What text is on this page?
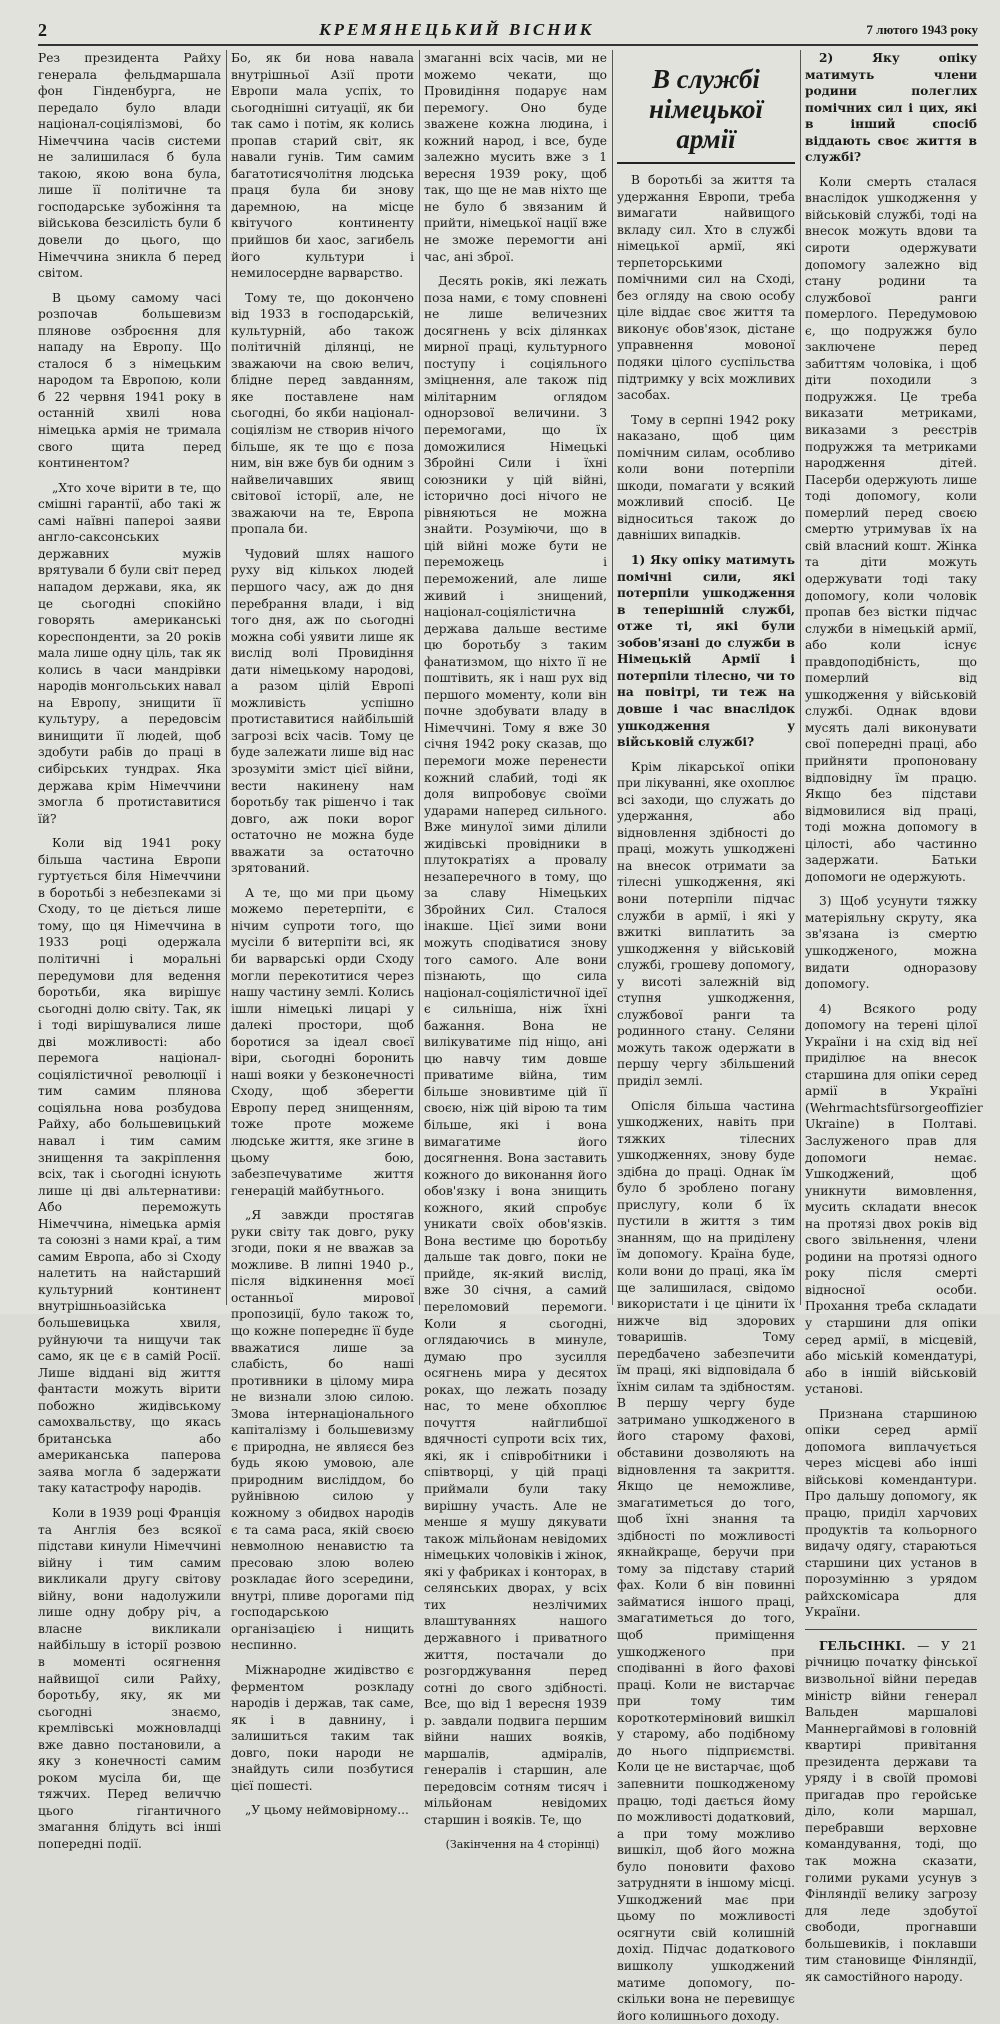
2	КРЕМЯНЕЦЬКИЙ ВІСНИК	7 лютого 1943 року

Рез президента Райху генерала фельдмаршала фон Гінденбурга, не передало було влади націонал-соціялізмові, бо Німеччина часів системи не залишилася б була такою, якою вона була, лише її політичне та господарське зубожіння та військова безсилість були б довели до цього, що Німеччина зникла б перед світом.

В цьому самому часі розпочав большевизм плянове озброєння для нападу на Европу. Що сталося б з німецьким народом та Европою, коли б 22 червня 1941 року в останній хвилі нова німецька армія не тримала свого щита перед континентом?

„Хто хоче вірити в те, що смішні гарантії, або такі ж самі наївні папероі заяви англо-саксонських державних мужів врятували б були світ перед нападом держави, яка, як це сьогодні спокійно говорять американські кореспонденти, за 20 років мала лише одну ціль, так як колись в часи мандрівки народів монгольських навал на Европу, знищити її культуру, а передовсім винищити її людей, щоб здобути рабів до праці в сибірських тундрах. Яка держава крім Німеччини змогла б протиставитися їй?

Коли від 1941 року більша частина Европи гуртується біля Німеччини в боротьбі з небезпеками зі Сходу, то це діється лише тому, що ця Німеччина в 1933 році одержала політичні і моральні передумови для ведення боротьби, яка вирішує сьогодні долю світу. Так, як і тоді вирішувалися лише дві можливості: або перемога націонал-соціялістичної революції і тим самим плянова соціяльна нова розбудова Райху, або большевицький навал і тим самим знищення та закріплення всіх, так і сьогодні існують лише ці дві альтернативи: Або переможуть Німеччина, німецька армія та союзні з нами краї, а тим самим Европа, або зі Сходу налетить на найстарший культурний континент внутрішньоазійська большевицька хвиля, руйнуючи та нищучи так само, як це є в самій Росії. Лише віддані від життя фантасти можуть вірити побожно жидівському самохвальству, що якась британська або американська паперова заява могла б задержати таку катастрофу народів.

Коли в 1939 році Франція та Англія без всякої підстави кинули Німеччині війну і тим самим викликали другу світову війну, вони надолужили лише одну добру річ, а власне викликали найбільшу в історії розвою в моменті осягнення найвищої сили Райху, боротьбу, яку, як ми сьогодні знаємо, кремлівські можновладці вже давно постановили, а яку з конечності самим роком мусіла би, ще тяжчих. Перед величчю цього гігантичного змагання блідуть всі інші попередні події.

Бо, як би нова навала внутрішньої Азії проти Европи мала успіх, то сьогоднішні ситуації, як би так само і потім, як колись пропав старий світ, як навали гунів. Тим самим багатотисячолітня людська праця була би знову даремною, на місце квітучого континенту прийшов би хаос, загибель його культури і немилосердне варварство.

Тому те, що докончено від 1933 в господарській, культурній, або також політичній ділянці, не зважаючи на свою велич, блідне перед завданням, яке поставлене нам сьогодні, бо якби націонал-соціялізм не створив нічого більше, як те що є поза ним, він вже був би одним з найвеличавших явищ світової історії, але, не зважаючи на те, Европа пропала би.

Чудовий шлях нашого руху від кількох людей першого часу, аж до дня перебрання влади, і від того дня, аж по сьогодні можна собі уявити лише як вислід волі Провидіння дати німецькому народові, а разом цілій Европі можливість успішно протиставитися найбільшій загрозі всіх часів. Тому це буде залежати лише від нас зрозуміти зміст цієї війни, вести накинену нам боротьбу так рішенчо і так довго, аж поки ворог остаточно не можна буде вважати за остаточно зрятований.

А те, що ми при цьому можемо перетерпіти, є нічим супроти того, що мусіли б витерпіти всі, як би варварські орди Сходу могли перекотитися через нашу частину землі. Колись ішли німецькі лицарі у далекі простори, щоб боротися за ідеал своєї віри, сьогодні боронить наші вояки у безконечності Сходу, щоб зберегти Европу перед знищенням, тоже проте можеме людське життя, яке згине в цьому бою, забезпечуватиме життя генерацій майбутнього.

„Я завжди простягав руки світу так довго, руку згоди, поки я не вважав за можливе. В липні 1940 р., після відкинення моєї останньої мирової пропозиції, було також то, що кожне попереднє її буде вважатися лише за слабість, бо наші противники в цілому мира не визнали злою силою. Змова інтернаціонального капіталізму і большевизму є природна, не являєся без будь якою умовою, але природним висліддом, бо руйнівною силою у кожному з обидвох народів є та сама раса, якій своєю невмолною ненавистю та пресоваю злою волею розкладає його зсередини, внутрі, пливе дорогами під господарською організацією і нищить неспинно.

Міжнародне жидівство є ферментом розкладу народів і держав, так саме, як і в давнину, і залишиться таким так довго, поки народи не знайдуть сили позбутися цієї пошесті.

„У цьому неймовірному...

змаганні всіх часів, ми не можемо чекати, що Провидіння подарує нам перемогу. Оно буде зважене кожна людина, і кожний народ, і все, буде залежно мусить вже з 1 вересня 1939 року, щоб так, що ще не мав ніхто ще не було б звязаним й прийти, німецької нації вже не зможе перемогти ані час, ані зброї.

Десять років, які лежать поза нами, є тому сповнені не лише величезних досягнень у всіх ділянках мирної праці, культурного поступу і соціяльного зміцнення, але також під мілітарним оглядом однорзової величини. З перемогами, що їх доможилися Німецькі Збройні Сили і їхні союзники у цій війні, історично досі нічого не рівняються не можна знайти. Розуміючи, що в цій війні може бути не переможець і переможений, але лише живий і знищений, націонал-соціялістична держава дальше вестиме цю боротьбу з таким фанатизмом, що ніхто її не поштівить, як і наш рух від першого моменту, коли він почне здобувати владу в Німеччині. Тому я вже 30 січня 1942 року сказав, що перемоги може перенести кожний слабий, тоді як доля випробовує своїми ударами наперед сильного. Вже минулої зими ділили жидівські провідники в плутократіях а провалу незаперечного в тому, що за славу Німецьких Збройних Сил. Сталося інакше. Цієї зими вони можуть сподіватися знову того самого. Але вони пізнають, що сила націонал-соціялістичної ідеї є сильніша, ніж їхні бажання. Вона не вилікуватиме під ніщо, ані цю навчу тим довше приватиме війна, тим більше зновивтиме цій її своєю, ніж цій вірою та тим більше, які і вона вимагатиме його досягнення. Вона заставить кожного до виконання його обов'язку і вона знищить кожного, який спробує уникати своїх обов'язків. Вона вестиме цю боротьбу дальше так довго, поки не прийде, як-який вислід, вже 30 січня, а самий переломовий перемоги. Коли я сьогодні, оглядаючись в минуле, думаю про зусилля осягнень мира у десятох роках, що лежать позаду нас, то мене обхоплює почуття найглибшої вдячності супроти всіх тих, які, як і співробітники і співтворці, у цій праці приймали були таку вирішну участь. Але не менше я мушу дякувати також мільйонам невідомих німецьких чоловіків і жінок, які у фабриках і конторах, в селянських дворах, у всіх тих незлічимих влаштуваннях нашого державного і приватного життя, постачали до розгорджування перед сотні до свого здібності. Все, що від 1 вересня 1939 р. завдали подвига першим війни наших вояків, маршалів, адміралів, генералів і старшин, але передовсім сотням тисяч і мільйонам невідомих старшин і вояків. Те, що

(Закінчення на 4 сторінці)

В службі німецької армії

В боротьбі за життя та удержання Европи, треба вимагати найвищого вкладу сил. Хто в службі німецької армії, які терпеторськими помічними сил на Сході, без огляду на свою особу ціле віддає своє життя та виконує обов'язок, дістане управнення мовоної подяки цілого суспільства підтримку у всіх можливих засобах.

Тому в серпні 1942 року наказано, щоб цим помічним силам, особливо коли вони потерпіли шкоди, помагати у всякий можливий спосіб. Це відноситься також до давніших випадків.

1) Яку опіку матимуть помічні сили, які потерпіли ушкодження в теперішній службі, отже ті, які були зобов'язані до служби в Німецькій Армії і потерпіли тілесно, чи то на повітрі, ти теж на довше і час внаслідок ушкодження у військовій службі?

Крім лікарської опіки при лікуванні, яке охоплює всі заходи, що служать до удержання, або відновлення здібності до праці, можуть ушкоджені на внесок отримати за тілесні ушкодження, які вони потерпіли підчас служби в армії, і які у вжиткі виплатить за ушкодження у військовій службі, грошеву допомогу, у висоті залежній від ступня ушкодження, службової ранги та родинного стану. Селяни можуть також одержати в першу чергу збільшений приділ землі.

Опісля більша частина ушкоджених, навіть при тяжких тілесних ушкодженнях, знову буде здібна до праці. Однак їм було б зроблено погану прислугу, коли б їх пустили в життя з тим знанням, що на приділену їм допомогу. Країна буде, коли вони до праці, яка їм ще залишилася, свідомо використати і це цінити їх нижче від здорових товаришів. Тому передбачено забезпечити їм праці, які відповідала б їхнім силам та здібностям. В першу чергу буде затримано ушкодженого в його старому фахові, обставини дозволяють на відновлення та закриття. Якщо це неможливе, змагатиметься до того, щоб їхні знання та здібності по можливості якнайкраще, беручи при тому за підставу старий фах. Коли б він повинні займатися іншого праці, змагатиметься до того, щоб приміщення ушкодженого при сподіванні в його фахові праці. Коли не вистарчає при тому тим короткотерміновий вишкіл у старому, або подібному до нього підприємстві. Коли це не вистарчає, щоб запевнити пошкодженому працю, тоді дається йому по можливості додатковий, а при тому можливо вишкіл, щоб його можна було поновити фахово затрудняти в іншому місці. Ушкоджений має при цьому по можливості осягнути свій колишній дохід. Підчас додаткового вишколу ушкоджений матиме допомогу, по-скільки вона не перевищує його колишнього доходу.

2) Яку опіку матимуть члени родини полеглих помічних сил і цих, які в інший спосіб віддають своє життя в службі?

Коли смерть сталася внаслідок ушкодження у військовій службі, тоді на внесок можуть вдови та сироти одержувати допомогу залежно від стану родини та службової ранги померлого. Передумовою є, що подружжя було заключене перед забиттям чоловіка, і щоб діти походили з подружжя. Це треба виказати метриками, виказами з реєстрів подружжя та метриками народження дітей. Пасерби одержують лише тоді допомогу, коли померлий перед своєю смертю утримував їх на свій власний кошт. Жінка та діти можуть одержувати тоді таку допомогу, коли чоловік пропав без вістки підчас служби в німецькій армії, або коли існує правдоподібність, що померлий від ушкодження у військовій службі. Однак вдови мусять далі виконувати свої попередні праці, або прийняти пропоновану відповідну їм працю. Якщо без підстави відмовилися від праці, тоді можна допомогу в цілості, або частинно задержати. Батьки допомоги не одержують.

3) Щоб усунути тяжку матеріяльну скруту, яка зв'язана із смертю ушкодженого, можна видати одноразову допомогу.

4) Всякого роду допомогу на терені цілої України і на схід від неї приділює на внесок старшина для опіки серед армії в Україні (Wehrmachtsfürsorgeoffizier Ukraine) в Полтаві. Заслуженого прав для допомоги немає. Ушкоджений, щоб уникнути вимовлення, мусить складати внесок на протязі двох років від свого звільнення, члени родини на протязі одного року після смерті відносної особи. Прохання треба складати у старшини для опіки серед армії, в місцевій, або міській комендатурі, або в іншій військовій установі.

Признана старшиною опіки серед армії допомога виплачується через місцеві або інші військові комендантури. Про дальшу допомогу, як працю, приділ харчових продуктів та кольорного видачу одягу, стараються старшини цих установ в порозумінню з урядом райхскомісара для України.

ГЕЛЬСІНКІ. — У 21 річницю початку фінської визвольної війни передав міністр війни генерал Вальден маршалові Маннергаймові в головній квартирі привітання президента держави та уряду і в своїй промові пригадав про геройське діло, коли маршал, перебравши верховне командування, тоді, що так можна сказати, голими руками усунув з Фінляндії велику загрозу для леде здобутої свободи, прогнавши большевиків, і поклавши тим становище Фінляндії, як самостійного народу.
